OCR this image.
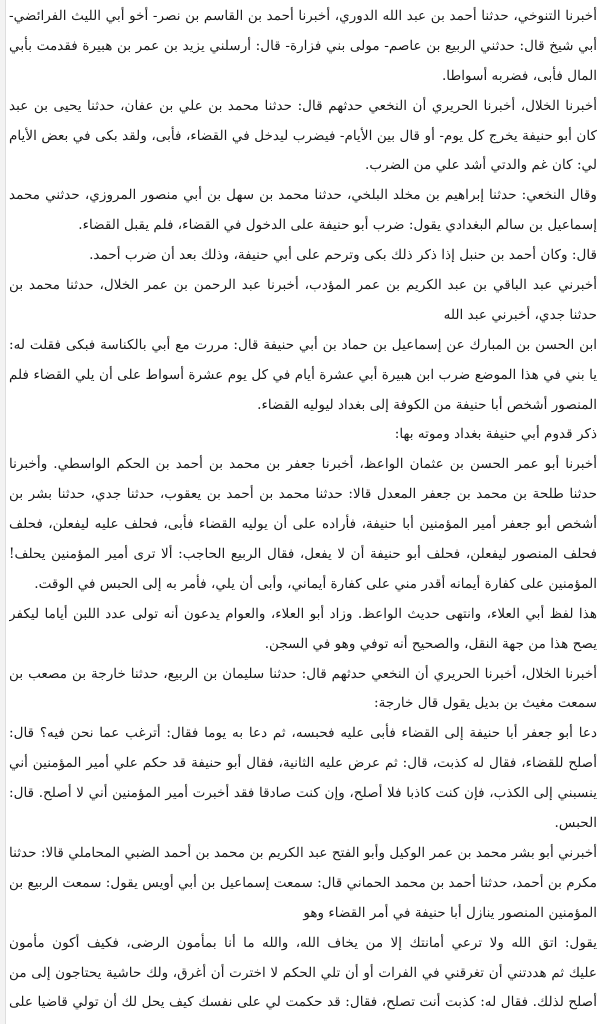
أخبرنا التنوخي، حدثنا أحمد بن عبد الله الدوري، أخبرنا أحمد بن القاسم بن نصر- أخو أبي الليث الفرائضي-
أبي شيخ قال: حدثني الربيع بن عاصم- مولى بني فزارة- قال: أرسلني يزيد بن عمر بن هبيرة فقدمت بأبي
المال فأبى، فضربه أسواطا.
أخبرنا الخلال، أخبرنا الحريري أن النخعي حدثهم قال: حدثنا محمد بن علي بن عفان، حدثنا يحيى بن عبد
كان أبو حنيفة يخرج كل يوم- أو قال بين الأيام- فيضرب ليدخل في القضاء، فأبى، ولقد بكى في بعض الأيام
لي: كان غم والدتي أشد علي من الضرب.
وقال النخعي: حدثنا إبراهيم بن مخلد البلخي، حدثنا محمد بن سهل بن أبي منصور المروزي، حدثني محمد
إسماعيل بن سالم البغدادي يقول: ضرب أبو حنيفة على الدخول في القضاء، فلم يقبل القضاء.
قال: وكان أحمد بن حنبل إذا ذكر ذلك بكى وترحم على أبي حنيفة، وذلك بعد أن ضرب أحمد.
أخبرني عبد الباقي بن عبد الكريم بن عمر المؤدب، أخبرنا عبد الرحمن بن عمر الخلال، حدثنا محمد بن
حدثنا جدي، أخبرني عبد الله
ابن الحسن بن المبارك عن إسماعيل بن حماد بن أبي حنيفة قال: مررت مع أبي بالكناسة فبكى فقلت له:
يا بني في هذا الموضع ضرب ابن هبيرة أبي عشرة أيام في كل يوم عشرة أسواط على أن يلي القضاء فلم
المنصور أشخص أبا حنيفة من الكوفة إلى بغداد ليوليه القضاء.
ذكر قدوم أبي حنيفة بغداد وموته بها:
أخبرنا أبو عمر الحسن بن عثمان الواعظ، أخبرنا جعفر بن محمد بن أحمد بن الحكم الواسطي. وأخبرنا
حدثنا طلحة بن محمد بن جعفر المعدل قالا: حدثنا محمد بن أحمد بن يعقوب، حدثنا جدي، حدثنا بشر بن
أشخص أبو جعفر أمير المؤمنين أبا حنيفة، فأراده على أن يوليه القضاء فأبى، فحلف عليه ليفعلن، فحلف
فحلف المنصور ليفعلن، فحلف أبو حنيفة أن لا يفعل، فقال الربيع الحاجب: ألا ترى أمير المؤمنين يحلف!
المؤمنين على كفارة أيمانه أقدر مني على كفارة أيماني، وأبى أن يلي، فأمر به إلى الحبس في الوقت.
هذا لفظ أبي العلاء، وانتهى حديث الواعظ. وزاد أبو العلاء، والعوام يدعون أنه تولى عدد اللبن أياما ليكفر
يصح هذا من جهة النقل، والصحيح أنه توفي وهو في السجن.
أخبرنا الخلال، أخبرنا الحريري أن النخعي حدثهم قال: حدثنا سليمان بن الربيع، حدثنا خارجة بن مصعب بن
سمعت مغيث بن بديل يقول قال خارجة:
دعا أبو جعفر أبا حنيفة إلى القضاء فأبى عليه فحبسه، ثم دعا به يوما فقال: أترغب عما نحن فيه؟ قال:
أصلح للقضاء، فقال له كذبت، قال: ثم عرض عليه الثانية، فقال أبو حنيفة قد حكم علي أمير المؤمنين أني
ينسبني إلى الكذب، فإن كنت كاذبا فلا أصلح، وإن كنت صادقا فقد أخبرت أمير المؤمنين أني لا أصلح. قال:
الحبس.
أخبرني أبو بشر محمد بن عمر الوكيل وأبو الفتح عبد الكريم بن محمد بن أحمد الضبي المحاملي قالا: حدثنا
مكرم بن أحمد، حدثنا أحمد بن محمد الحماني قال: سمعت إسماعيل بن أبي أويس يقول: سمعت الربيع بن
المؤمنين المنصور ينازل أبا حنيفة في أمر القضاء وهو
يقول: اتق الله ولا ترعي أمانتك إلا من يخاف الله، والله ما أنا بمأمون الرضى، فكيف أكون مأمون
عليك ثم هددتني أن تغرقني في الفرات أو أن تلي الحكم لا اخترت أن أغرق، ولك حاشية يحتاجون إلى من
أصلح لذلك. فقال له: كذبت أنت تصلح، فقال: قد حكمت لي على نفسك كيف يحل لك أن تولي قاضيا على
